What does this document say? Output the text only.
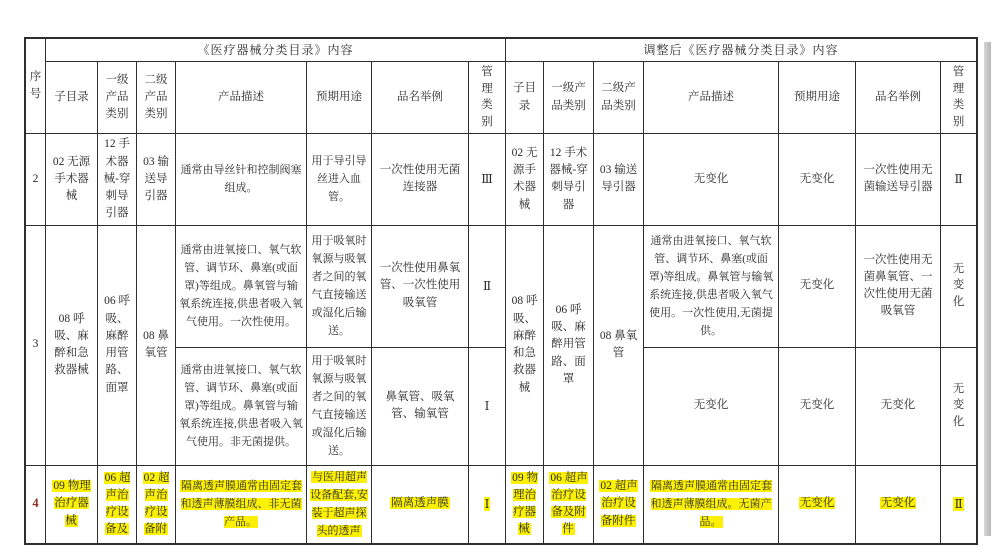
序号	《医疗器械分类目录》内容							调整后《医疗器械分类目录》内容						
	子目录	一级产品类别	二级产品类别	产品描述	预期用途	品名举例	管理类别	子目录	一级产品类别	二级产品类别	产品描述	预期用途	品名举例	管理类别
2	02 无源手术器械	12 手术器械-穿刺导引器	03 输送导引器	通常由导丝针和控制阀塞组成。	用于导引导丝进入血管。	一次性使用无菌连接器	Ⅲ	02 无源手术器械	12 手术器械-穿刺导引器	03 输送导引器	无变化	无变化	一次性使用无菌输送导引器	Ⅱ
3	08 呼吸、麻醉和急救器械	06 呼吸、麻醉用管路、面罩	08 鼻氧管	通常由进氧接口、氧气软管、调节环、鼻塞(或面罩)等组成。鼻氧管与输氧系统连接,供患者吸入氧气使用。一次性使用。	用于吸氧时氧源与吸氧者之间的氧气直接输送或湿化后输送。	一次性使用鼻氧管、一次性使用吸氧管	Ⅱ	08 呼吸、麻醉和急救器械	06 呼吸、麻醉用管路、面罩	08 鼻氧管	通常由进氧接口、氧气软管、调节环、鼻塞(或面罩)等组成。鼻氧管与输氧系统连接,供患者吸入氧气使用。一次性使用,无菌提供。	无变化	一次性使用无菌鼻氧管、一次性使用无菌吸氧管	无变化
				通常由进氧接口、氧气软管、调节环、鼻塞(或面罩)等组成。鼻氧管与输氧系统连接,供患者吸入氧气使用。非无菌提供。	用于吸氧时氧源与吸氧者之间的氧气直接输送或湿化后输送。	鼻氧管、吸氧管、输氧管	Ⅰ				无变化	无变化	无变化	无变化
4	09 物理治疗器械	06 超声治疗设备及	02 超声治疗设备附	隔离透声膜通常由固定套和透声薄膜组成、非无菌产品。	与医用超声设备配套,安装于超声探头的透声	隔离透声膜	Ⅰ	09 物理治疗器械	06 超声治疗设备及附件	02 超声治疗设备附件	隔离透声膜通常由固定套和透声薄膜组成。无菌产品。	无变化	无变化	Ⅱ
